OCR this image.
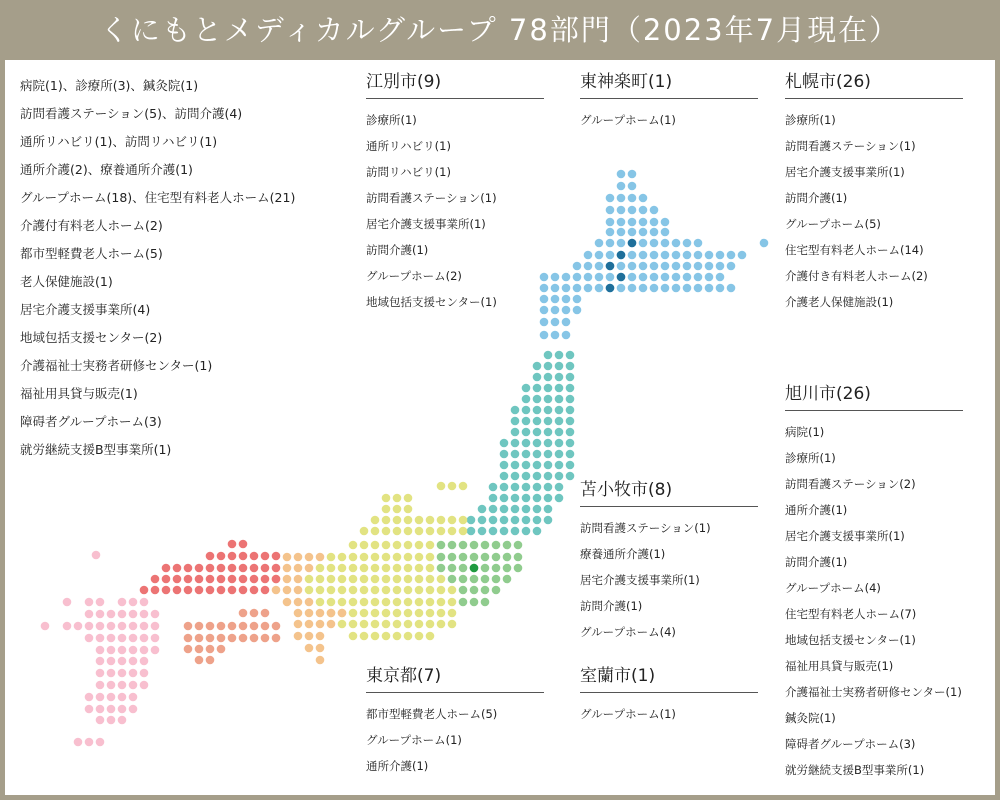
くにもとメディカルグループ 78部門（2023年7月現在）
病院(1)、診療所(3)、鍼灸院(1)
訪問看護ステーション(5)、訪問介護(4)
通所リハビリ(1)、訪問リハビリ(1)
通所介護(2)、療養通所介護(1)
グループホーム(18)、住宅型有料老人ホーム(21)
介護付有料老人ホーム(2)
都市型軽費老人ホーム(5)
老人保健施設(1)
居宅介護支援事業所(4)
地域包括支援センター(2)
介護福祉士実務者研修センター(1)
福祉用具貸与販売(1)
障碍者グループホーム(3)
就労継続支援B型事業所(1)
江別市(9)
診療所(1)
通所リハビリ(1)
訪問リハビリ(1)
訪問看護ステーション(1)
居宅介護支援事業所(1)
訪問介護(1)
グループホーム(2)
地域包括支援センター(1)
東神楽町(1)
グループホーム(1)
札幌市(26)
診療所(1)
訪問看護ステーション(1)
居宅介護支援事業所(1)
訪問介護(1)
グループホーム(5)
住宅型有料老人ホーム(14)
介護付き有料老人ホーム(2)
介護老人保健施設(1)
旭川市(26)
病院(1)
診療所(1)
訪問看護ステーション(2)
通所介護(1)
居宅介護支援事業所(1)
訪問介護(1)
グループホーム(4)
住宅型有料老人ホーム(7)
地域包括支援センター(1)
福祉用具貸与販売(1)
介護福祉士実務者研修センター(1)
鍼灸院(1)
障碍者グループホーム(3)
就労継続支援B型事業所(1)
苫小牧市(8)
訪問看護ステーション(1)
療養通所介護(1)
居宅介護支援事業所(1)
訪問介護(1)
グループホーム(4)
東京都(7)
都市型軽費老人ホーム(5)
グループホーム(1)
通所介護(1)
室蘭市(1)
グループホーム(1)
